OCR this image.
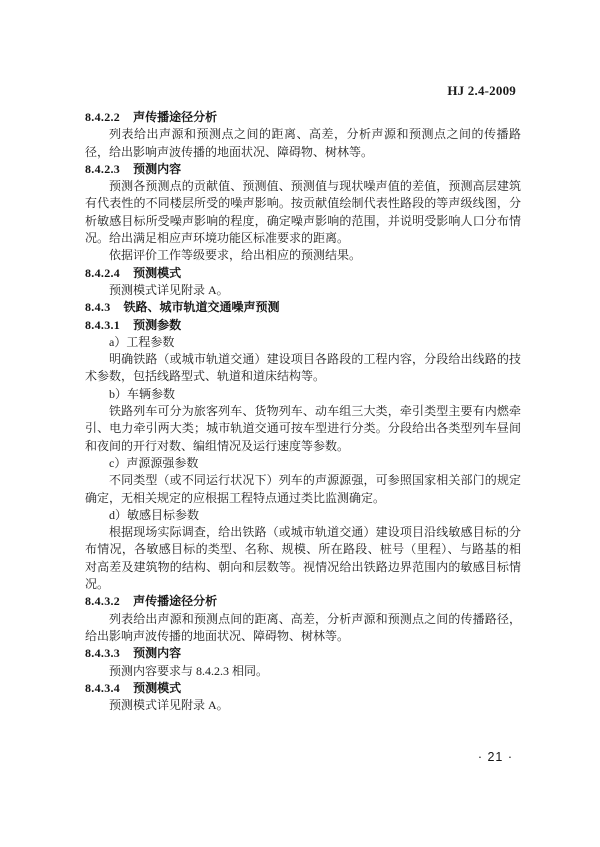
HJ 2.4-2009

8.4.2.2 声传播途径分析

列表给出声源和预测点之间的距离、高差，分析声源和预测点之间的传播路径，给出影响声波传播的地面状况、障碍物、树林等。

8.4.2.3 预测内容

预测各预测点的贡献值、预测值、预测值与现状噪声值的差值，预测高层建筑有代表性的不同楼层所受的噪声影响。按贡献值绘制代表性路段的等声级线图，分析敏感目标所受噪声影响的程度，确定噪声影响的范围，并说明受影响人口分布情况。给出满足相应声环境功能区标准要求的距离。

依据评价工作等级要求，给出相应的预测结果。

8.4.2.4 预测模式

预测模式详见附录 A。

8.4.3 铁路、城市轨道交通噪声预测

8.4.3.1 预测参数

a）工程参数

明确铁路（或城市轨道交通）建设项目各路段的工程内容，分段给出线路的技术参数，包括线路型式、轨道和道床结构等。

b）车辆参数

铁路列车可分为旅客列车、货物列车、动车组三大类，牵引类型主要有内燃牵引、电力牵引两大类；城市轨道交通可按车型进行分类。分段给出各类型列车昼间和夜间的开行对数、编组情况及运行速度等参数。

c）声源源强参数

不同类型（或不同运行状况下）列车的声源源强，可参照国家相关部门的规定确定，无相关规定的应根据工程特点通过类比监测确定。

d）敏感目标参数

根据现场实际调查，给出铁路（或城市轨道交通）建设项目沿线敏感目标的分布情况，各敏感目标的类型、名称、规模、所在路段、桩号（里程）、与路基的相对高差及建筑物的结构、朝向和层数等。视情况给出铁路边界范围内的敏感目标情况。

8.4.3.2 声传播途径分析

列表给出声源和预测点间的距离、高差，分析声源和预测点之间的传播路径，给出影响声波传播的地面状况、障碍物、树林等。

8.4.3.3 预测内容

预测内容要求与 8.4.2.3 相同。

8.4.3.4 预测模式

预测模式详见附录 A。

· 21 ·
